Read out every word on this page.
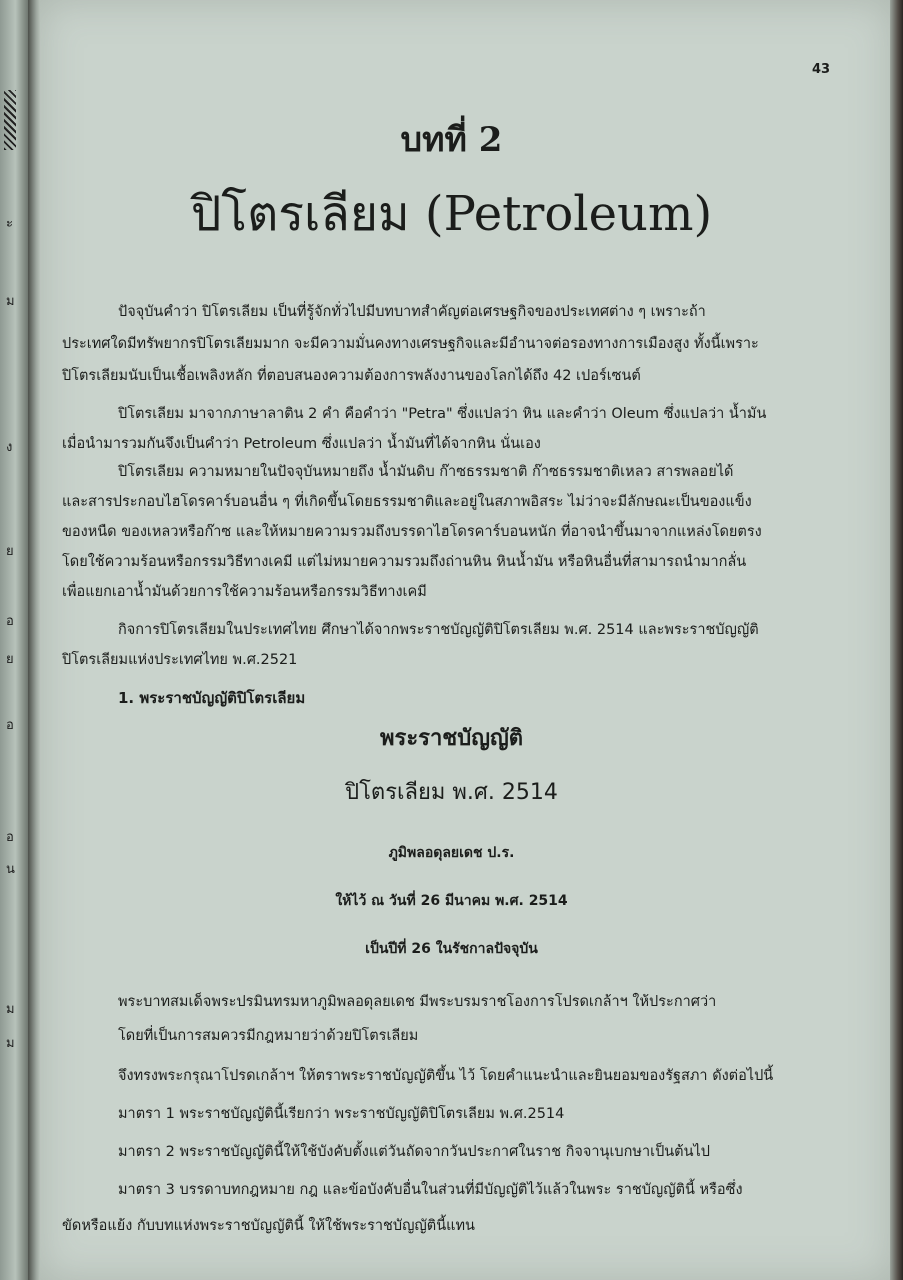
ะ
ม
ง
ย
อ
ย
อ
อ
น
ม
ม
43
บทที่ 2
ปิโตรเลียม (Petroleum)
ปัจจุบันคำว่า ปิโตรเลียม เป็นที่รู้จักทั่วไปมีบทบาทสำคัญต่อเศรษฐกิจของประเทศต่าง ๆ เพราะถ้า
ประเทศใดมีทรัพยากรปิโตรเลียมมาก จะมีความมั่นคงทางเศรษฐกิจและมีอำนาจต่อรองทางการเมืองสูง ทั้งนี้เพราะ
ปิโตรเลียมนับเป็นเชื้อเพลิงหลัก ที่ตอบสนองความต้องการพลังงานของโลกได้ถึง 42 เปอร์เซนต์
ปิโตรเลียม มาจากภาษาลาติน 2 คำ คือคำว่า "Petra" ซึ่งแปลว่า หิน และคำว่า Oleum ซึ่งแปลว่า น้ำมัน
เมื่อนำมารวมกันจึงเป็นคำว่า Petroleum ซึ่งแปลว่า น้ำมันที่ได้จากหิน นั่นเอง
ปิโตรเลียม ความหมายในปัจจุบันหมายถึง น้ำมันดิบ ก๊าซธรรมชาติ ก๊าซธรรมชาติเหลว สารพลอยได้
และสารประกอบไฮโดรคาร์บอนอื่น ๆ ที่เกิดขึ้นโดยธรรมชาติและอยู่ในสภาพอิสระ ไม่ว่าจะมีลักษณะเป็นของแข็ง
ของหนืด ของเหลวหรือก๊าซ และให้หมายความรวมถึงบรรดาไฮโดรคาร์บอนหนัก ที่อาจนำขึ้นมาจากแหล่งโดยตรง
โดยใช้ความร้อนหรือกรรมวิธีทางเคมี แต่ไม่หมายความรวมถึงถ่านหิน หินน้ำมัน หรือหินอื่นที่สามารถนำมากลั่น
เพื่อแยกเอาน้ำมันด้วยการใช้ความร้อนหรือกรรมวิธีทางเคมี
กิจการปิโตรเลียมในประเทศไทย ศึกษาได้จากพระราชบัญญัติปิโตรเลียม พ.ศ. 2514 และพระราชบัญญัติ
ปิโตรเลียมแห่งประเทศไทย พ.ศ.2521
1. พระราชบัญญัติปิโตรเลียม
พระราชบัญญัติ
ปิโตรเลียม พ.ศ. 2514
ภูมิพลอดุลยเดช ป.ร.
ให้ไว้ ณ วันที่ 26 มีนาคม พ.ศ. 2514
เป็นปีที่ 26 ในรัชกาลปัจจุบัน
พระบาทสมเด็จพระปรมินทรมหาภูมิพลอดุลยเดช มีพระบรมราชโองการโปรดเกล้าฯ ให้ประกาศว่า
โดยที่เป็นการสมควรมีกฎหมายว่าด้วยปิโตรเลียม
จึงทรงพระกรุณาโปรดเกล้าฯ ให้ตราพระราชบัญญัติขึ้น ไว้ โดยคำแนะนำและยินยอมของรัฐสภา ดังต่อไปนี้
มาตรา 1 พระราชบัญญัตินี้เรียกว่า พระราชบัญญัติปิโตรเลียม พ.ศ.2514
มาตรา 2 พระราชบัญญัตินี้ให้ใช้บังคับตั้งแต่วันถัดจากวันประกาศในราช กิจจานุเบกษาเป็นต้นไป
มาตรา 3 บรรดาบทกฎหมาย กฎ และข้อบังคับอื่นในส่วนที่มีบัญญัติไว้แล้วในพระ ราชบัญญัตินี้ หรือซึ่ง
ขัดหรือแย้ง กับบทแห่งพระราชบัญญัตินี้ ให้ใช้พระราชบัญญัตินี้แทน
